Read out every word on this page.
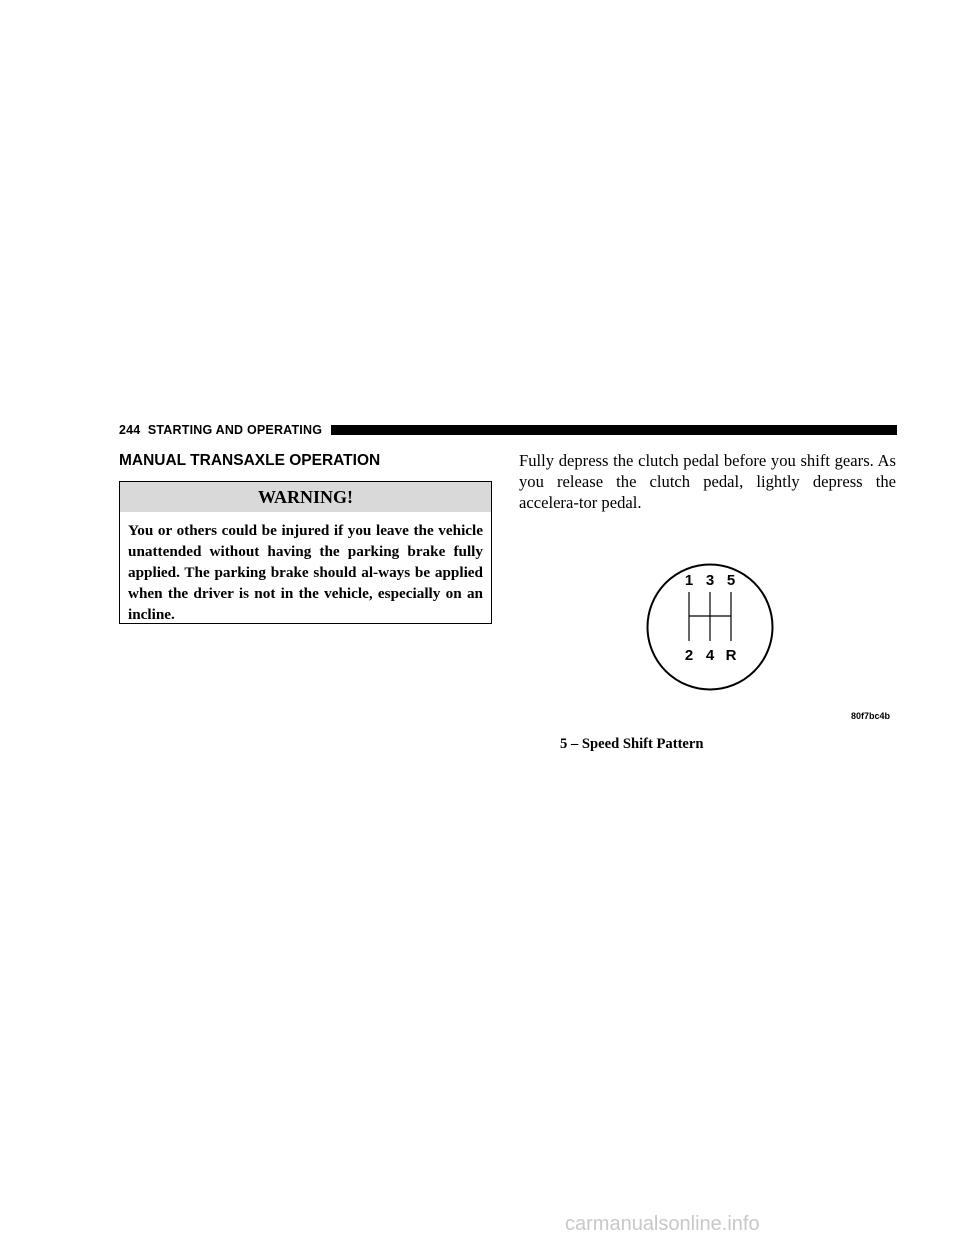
244 STARTING AND OPERATING
MANUAL TRANSAXLE OPERATION
WARNING!
You or others could be injured if you leave the vehicle unattended without having the parking brake fully applied. The parking brake should al-ways be applied when the driver is not in the vehicle, especially on an incline.
Fully depress the clutch pedal before you shift gears. As you release the clutch pedal, lightly depress the accelera-tor pedal.
1 3 5
2 4 R
80f7bc4b
5 – Speed Shift Pattern
carmanualsonline.info
